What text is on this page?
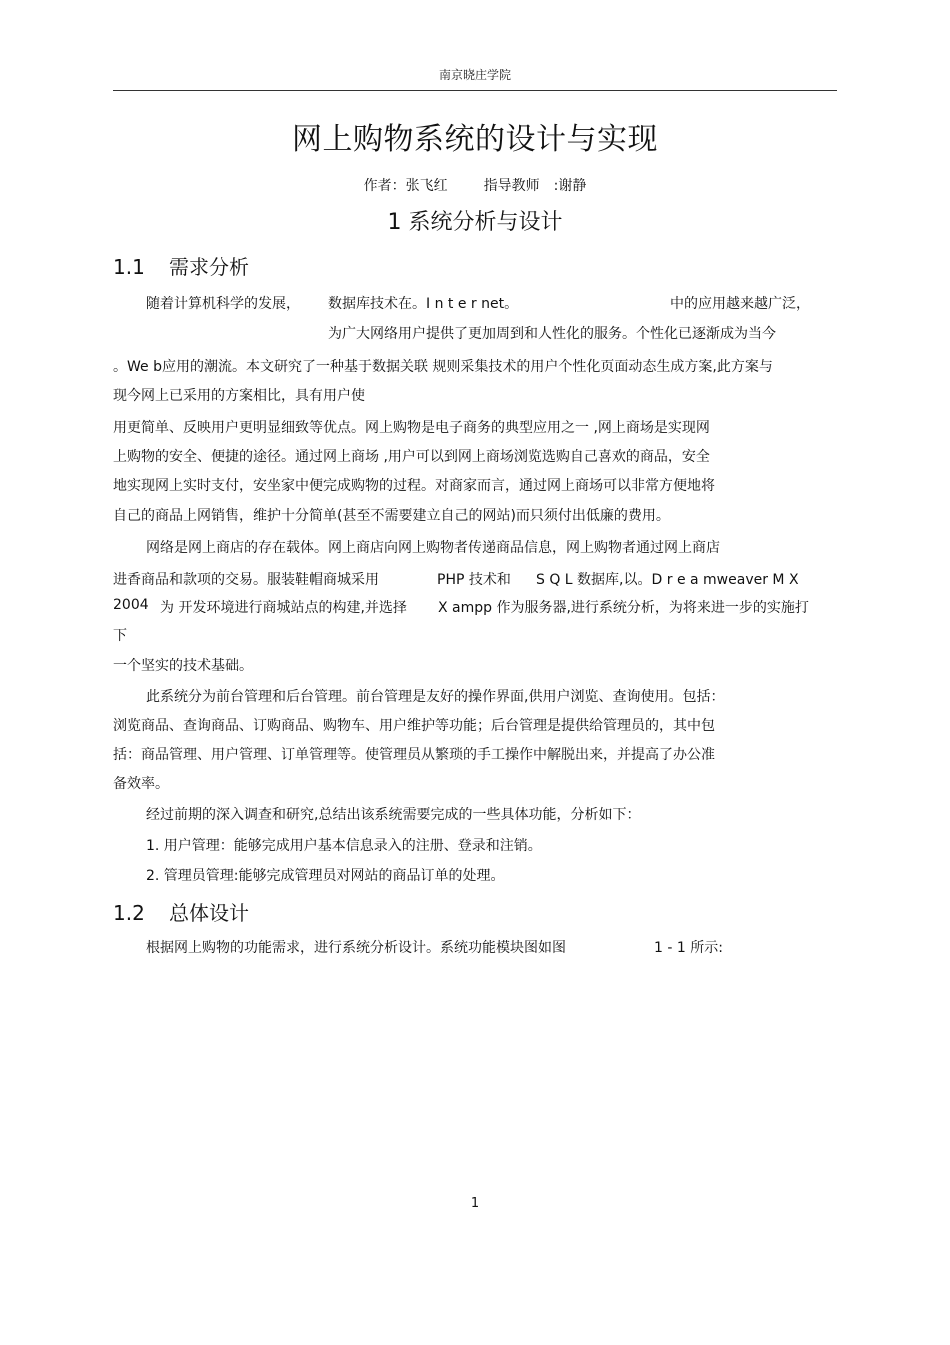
南京晓庄学院
网上购物系统的设计与实现
作者：张飞红	指导教师　:谢静
1 系统分析与设计
1.1 需求分析
随着计算机科学的发展， 数据库技术在。I n t e r net。	中的应用越来越广泛，
为广大网络用户提供了更加周到和人性化的服务。个性化已逐渐成为当今
。We b应用的潮流。本文研究了一种基于数据关联 规则采集技术的用户个性化页面动态生成方案,此方案与
现今网上已采用的方案相比，具有用户使
用更简单、反映用户更明显细致等优点。网上购物是电子商务的典型应用之一 ,网上商场是实现网
上购物的安全、便捷的途径。通过网上商场 ,用户可以到网上商场浏览选购自己喜欢的商品，安全
地实现网上实时支付，安坐家中便完成购物的过程。对商家而言，通过网上商场可以非常方便地将
自己的商品上网销售，维护十分简单(甚至不需要建立自己的网站)而只须付出低廉的费用。
网络是网上商店的存在载体。网上商店向网上购物者传递商品信息，网上购物者通过网上商店
进香商品和款项的交易。服装鞋帽商城采用	PHP 技术和 S Q L 数据库,以。D r e a mweaver M X
2004 为 开发环境进行商城站点的构建,并选择 X ampp 作为服务器,进行系统分析，为将来进一步的实施打
下
一个坚实的技术基础。
此系统分为前台管理和后台管理。前台管理是友好的操作界面,供用户浏览、查询使用。包括：
浏览商品、查询商品、订购商品、购物车、用户维护等功能；后台管理是提供给管理员的，其中包
括：商品管理、用户管理、订单管理等。使管理员从繁琐的手工操作中解脱出来，并提高了办公准
备效率。
经过前期的深入调查和研究,总结出该系统需要完成的一些具体功能，分析如下：
1. 用户管理：能够完成用户基本信息录入的注册、登录和注销。
2. 管理员管理:能够完成管理员对网站的商品订单的处理。
1.2 总体设计
根据网上购物的功能需求，进行系统分析设计。系统功能模块图如图	1 - 1 所示:
1
